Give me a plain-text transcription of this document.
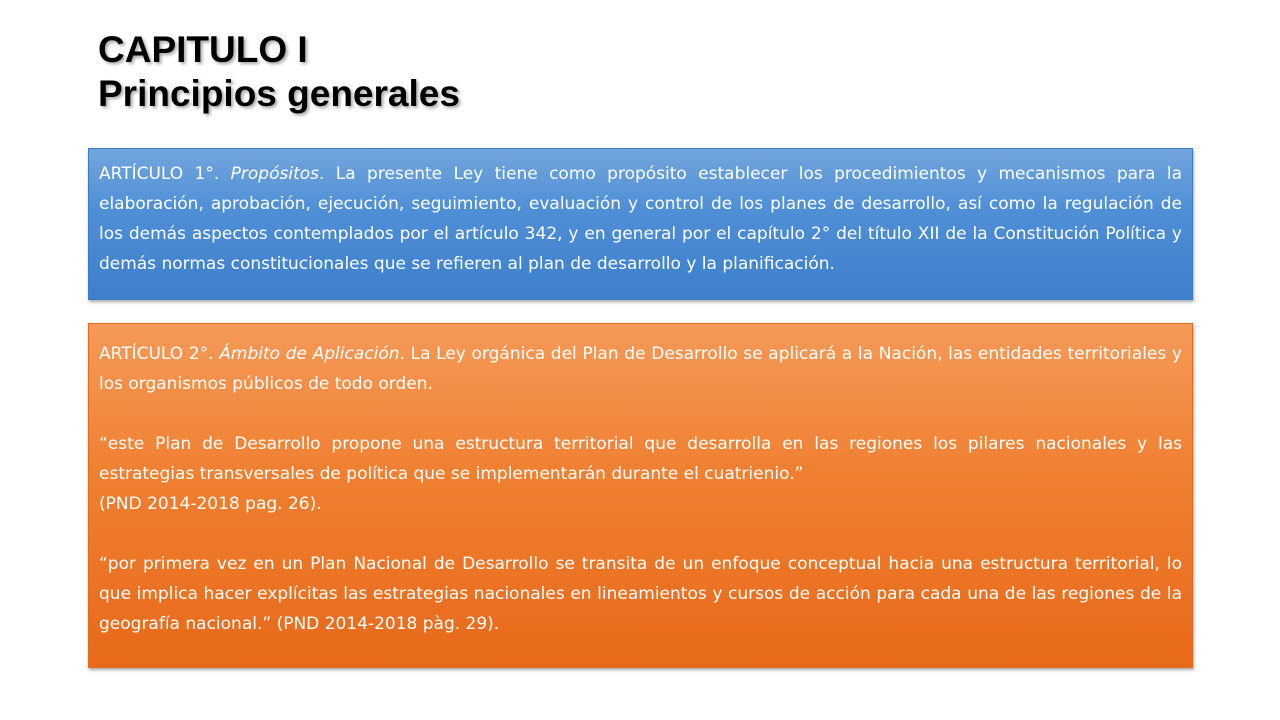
CAPITULO I
Principios generales

ARTÍCULO 1°. Propósitos. La presente Ley tiene como propósito establecer los procedimientos y mecanismos para la elaboración, aprobación, ejecución, seguimiento, evaluación y control de los planes de desarrollo, así como la regulación de los demás aspectos contemplados por el artículo 342, y en general por el capítulo 2° del título XII de la Constitución Política y demás normas constitucionales que se refieren al plan de desarrollo y la planificación.

ARTÍCULO 2°. Ámbito de Aplicación. La Ley orgánica del Plan de Desarrollo se aplicará a la Nación, las entidades territoriales y los organismos públicos de todo orden.

“este Plan de Desarrollo propone una estructura territorial que desarrolla en las regiones los pilares nacionales y las estrategias transversales de política que se implementarán durante el cuatrienio.”
(PND 2014-2018 pag. 26).

“por primera vez en un Plan Nacional de Desarrollo se transita de un enfoque conceptual hacia una estructura territorial, lo que implica hacer explícitas las estrategias nacionales en lineamientos y cursos de acción para cada una de las regiones de la geografía nacional.” (PND 2014-2018 pàg. 29).
